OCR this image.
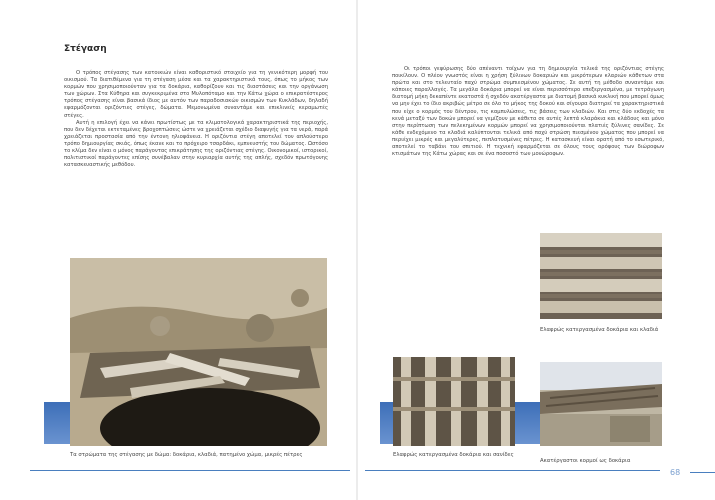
Στέγαση

Ο τρόπος στέγασης των κατοικιών είναι καθοριστικό στοιχείο για τη γενικότερη μορφή του οικισμού. Τα διατιθέμενα για τη στέγαση μέσα και τα χαρακτηριστικά τους, όπως το μήκος των κορμών που χρησιμοποιούνταν για τα δοκάρια, καθορίζουν και τις διαστάσεις και την οργάνωση των χώρων. Στα Κύθηρα και συγκεκριμένα στο Μυλοπόταμο και την Κάτω χώρα ο επικρατέστερος τρόπος στέγασης είναι βασικά ίδιος με αυτόν των παραδοσιακών οικισμών των Κυκλάδων, δηλαδή εφαρμόζονται οριζόντιες στέγες, δώματα. Μεμονωμένα συναντάμε και επικλινείς κεραμωτές στέγες.

Αυτή η επιλογή έχει να κάνει πρωτίστως με τα κλιματολογικά χαρακτηριστικά της περιοχής, που δεν δέχεται εκτεταμένες βροχοπτώσεις ώστε να χρειάζεται σχέδιο διαφυγής για τα νερά, παρά χρειάζεται προστασία από την έντονη ηλιοφάνεια. Η οριζόντια στέγη αποτελεί τον απλούστερο τρόπο δημιουργίας σκιάς, όπως έκανε και το πρόχειρο τσαρδάκι, εμπνευστής του δώματος. Ωστόσο το κλίμα δεν είναι ο μόνος παράγοντας επικράτησης της οριζόντιας στέγης. Οικονομικοί, ιστορικοί, πολιτιστικοί παράγοντες επίσης συνέβαλαν στην κυριαρχία αυτής της απλής, σχεδόν πρωτόγονης κατασκευαστικής μεθόδου.

Οι τρόποι γεφύρωσης δύο απέναντι τοίχων για τη δημιουργία τελικά της οριζόντιας στέγης ποικίλουν. Ο πλέον γνωστός είναι η χρήση ξύλινων δοκαριών και μικρότερων κλαριών κάθετων στα πρώτα και στο τελευταίο παχύ στρώμα συμπιεσμένου χώματος. Σε αυτή τη μέθοδο συναντάμε και κάποιες παραλλαγές. Τα μεγάλα δοκάρια μπορεί να είναι περισσότερο επεξεργασμένα, με τετράγωνη διατομή μήκη δεκαπέντε εκατοστά ή σχεδόν ακατέργαστα με διατομή βασικά κυκλική που μπορεί όμως να μην έχει το ίδιο ακριβώς μέτρο σε όλο το μήκος της δοκού και σίγουρα διατηρεί τα χαρακτηριστικά που είχε ο κορμός του δέντρου, τις καμπυλώσεις, τις βάσεις των κλαδιών. Και στις δύο εκδοχές τα κενά μεταξύ των δοκών μπορεί να γεμίζουν με κάθετα σε αυτές λεπτά κλαράκια και κλάδους και μόνο στην περίπτωση των πελεκημένων κορμών μπορεί να χρησιμοποιούνται πλατιές ξύλινες σανίδες. Σε κάθε ενδεχόμενο τα κλαδιά καλύπτονται τελικά από παχύ στρώση πιεσμένου χώματος που μπορεί να περιέχει μικρές και μεγαλύτερες, πεπλατυσμένες πέτρες. Η κατασκευή είναι ορατή από το εσωτερικό, αποτελεί το ταβάνι του σπιτιού. Η τεχνική εφαρμόζεται σε όλους τους ορόφους των διώροφων κτισμάτων της Κάτω χώρας και σε ένα ποσοστό των μονώροφων.

Τα στρώματα της στέγασης με δώμα: δοκάρια, κλαδιά, πατημένο χώμα, μικρές πέτρες
Ελαφρώς κατεργασμένα δοκάρια και κλαδιά
Ελαφρώς κατεργασμένα δοκάρια και σανίδες
Ακατέργαστοι κορμοί ως δοκάρια
68
